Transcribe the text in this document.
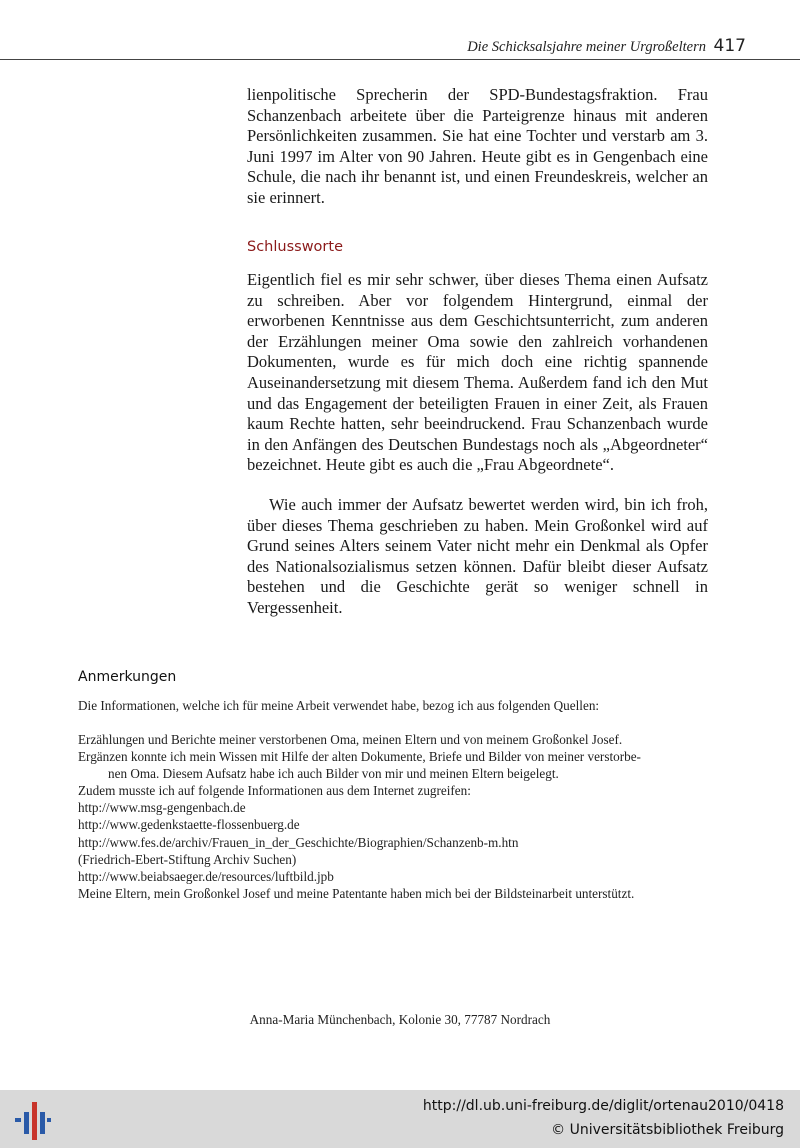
Die Schicksalsjahre meiner Urgroßeltern 417

lienpolitische Sprecherin der SPD-Bundestagsfraktion. Frau Schanzenbach arbeitete über die Parteigrenze hinaus mit anderen Persönlichkeiten zusammen. Sie hat eine Tochter und verstarb am 3. Juni 1997 im Alter von 90 Jahren. Heute gibt es in Gengenbach eine Schule, die nach ihr benannt ist, und einen Freundeskreis, welcher an sie erinnert.

Schlussworte

Eigentlich fiel es mir sehr schwer, über dieses Thema einen Aufsatz zu schreiben. Aber vor folgendem Hintergrund, einmal der erworbenen Kenntnisse aus dem Geschichtsunterricht, zum anderen der Erzählungen meiner Oma sowie den zahlreich vorhandenen Dokumenten, wurde es für mich doch eine richtig spannende Auseinandersetzung mit diesem Thema. Außerdem fand ich den Mut und das Engagement der beteiligten Frauen in einer Zeit, als Frauen kaum Rechte hatten, sehr beeindruckend. Frau Schanzenbach wurde in den Anfängen des Deutschen Bundestags noch als „Abgeordneter“ bezeichnet. Heute gibt es auch die „Frau Abgeordnete“.

Wie auch immer der Aufsatz bewertet werden wird, bin ich froh, über dieses Thema geschrieben zu haben. Mein Großonkel wird auf Grund seines Alters seinem Vater nicht mehr ein Denkmal als Opfer des Nationalsozialismus setzen können. Dafür bleibt dieser Aufsatz bestehen und die Geschichte gerät so weniger schnell in Vergessenheit.

Anmerkungen
Die Informationen, welche ich für meine Arbeit verwendet habe, bezog ich aus folgenden Quellen:
Erzählungen und Berichte meiner verstorbenen Oma, meinen Eltern und von meinem Großonkel Josef.
Ergänzen konnte ich mein Wissen mit Hilfe der alten Dokumente, Briefe und Bilder von meiner verstorbe-
nen Oma. Diesem Aufsatz habe ich auch Bilder von mir und meinen Eltern beigelegt.
Zudem musste ich auf folgende Informationen aus dem Internet zugreifen:
http://www.msg-gengenbach.de
http://www.gedenkstaette-flossenbuerg.de
http://www.fes.de/archiv/Frauen_in_der_Geschichte/Biographien/Schanzenb-m.htn
(Friedrich-Ebert-Stiftung Archiv Suchen)
http://www.beiabsaeger.de/resources/luftbild.jpb
Meine Eltern, mein Großonkel Josef und meine Patentante haben mich bei der Bildsteinarbeit unterstützt.
Anna-Maria Münchenbach, Kolonie 30, 77787 Nordrach
http://dl.ub.uni-freiburg.de/diglit/ortenau2010/0418
© Universitätsbibliothek Freiburg
